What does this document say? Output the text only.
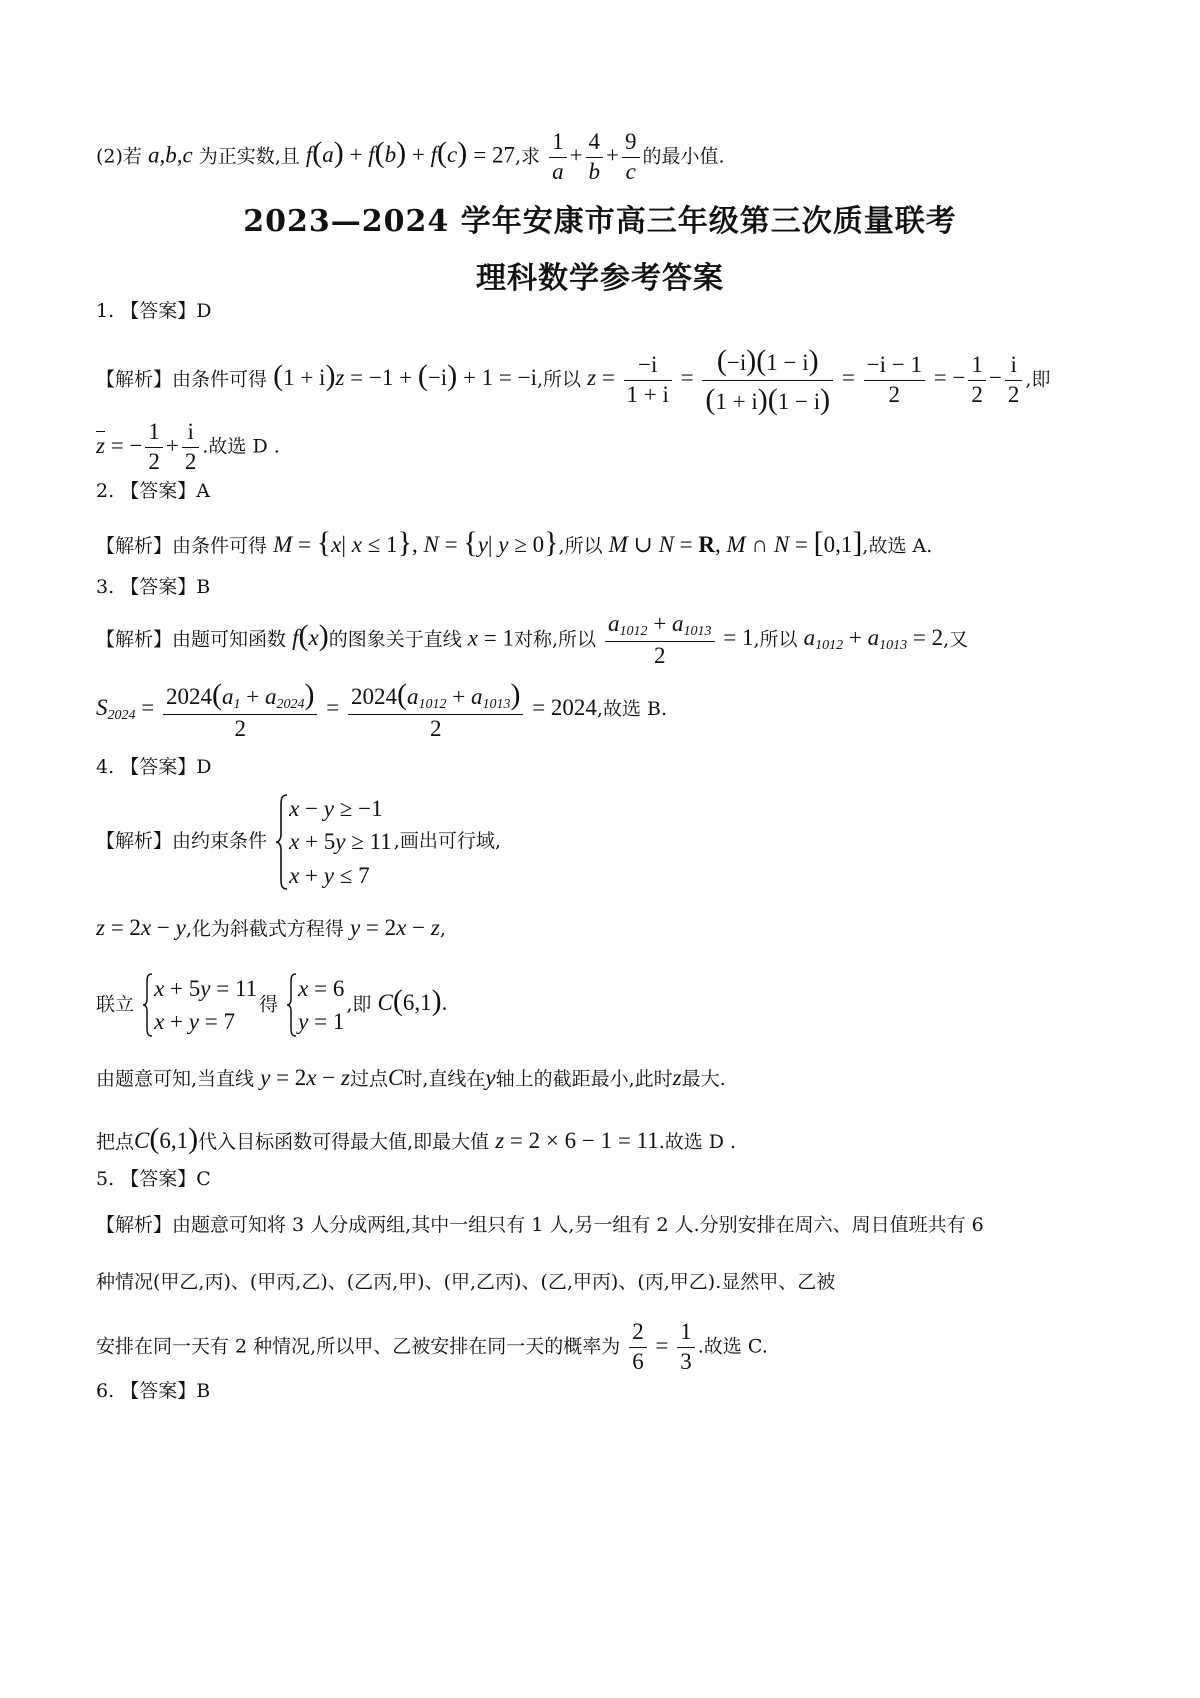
(2)若 a,b,c 为正实数,且 f(a) + f(b) + f(c) = 27,求 $\frac{1}{a} + \frac{4}{b} + \frac{9}{c}$ 的最小值.
2023—2024 学年安康市高三年级第三次质量联考
理科数学参考答案
1. 【答案】D
【解析】由条件可得 (1 + i)z = −1 + (−i) + 1 = −i,所以 $z = \frac{-i}{1 + i} = \frac{(-i)(1 - i)}{(1 + i)(1 - i)} = \frac{-i - 1}{2}$ = − $\frac{1}{2} - \frac{i}{2}$ ,即
z = − $\frac{1}{2} + \frac{i}{2}$ .故选 D .
2. 【答案】A
【解析】由条件可得 M = {x| x ≤ 1}, N = {y| y ≥ 0},所以 M ∪ N = R, M ∩ N = [0,1],故选 A.
3. 【答案】B
【解析】由题可知函数 f(x)的图象关于直线 x = 1对称,所以 $\frac{a_{1012} + a_{1013}}{2} = 1$,所以 $a_{1012} + a_{1013} = 2$,又
$S_{2024} = \frac{2024(a_1 + a_{2024})}{2} = \frac{2024(a_{1012} + a_{1013})}{2} = 2024$,故选 B.
4. 【答案】D
【解析】由约束条件
x − y ≥ −1
x + 5y ≥ 11
x + y ≤ 7
,画出可行域,
z = 2x − y,化为斜截式方程得 y = 2x − z,
联立
x + 5y = 11
x + y = 7
得
x = 6
y = 1
,即 C(6,1).
由题意可知,当直线 y = 2x − z过点C时,直线在y轴上的截距最小,此时z最大.
把点C(6,1)代入目标函数可得最大值,即最大值 z = 2 × 6 − 1 = 11.故选 D .
5. 【答案】C
【解析】由题意可知将 3 人分成两组,其中一组只有 1 人,另一组有 2 人.分别安排在周六、周日值班共有 6
种情况(甲乙,丙)、(甲丙,乙)、(乙丙,甲)、(甲,乙丙)、(乙,甲丙)、(丙,甲乙).显然甲、乙被
安排在同一天有 2 种情况,所以甲、乙被安排在同一天的概率为 $\frac{2}{6} = \frac{1}{3}$ .故选 C.
6. 【答案】B
